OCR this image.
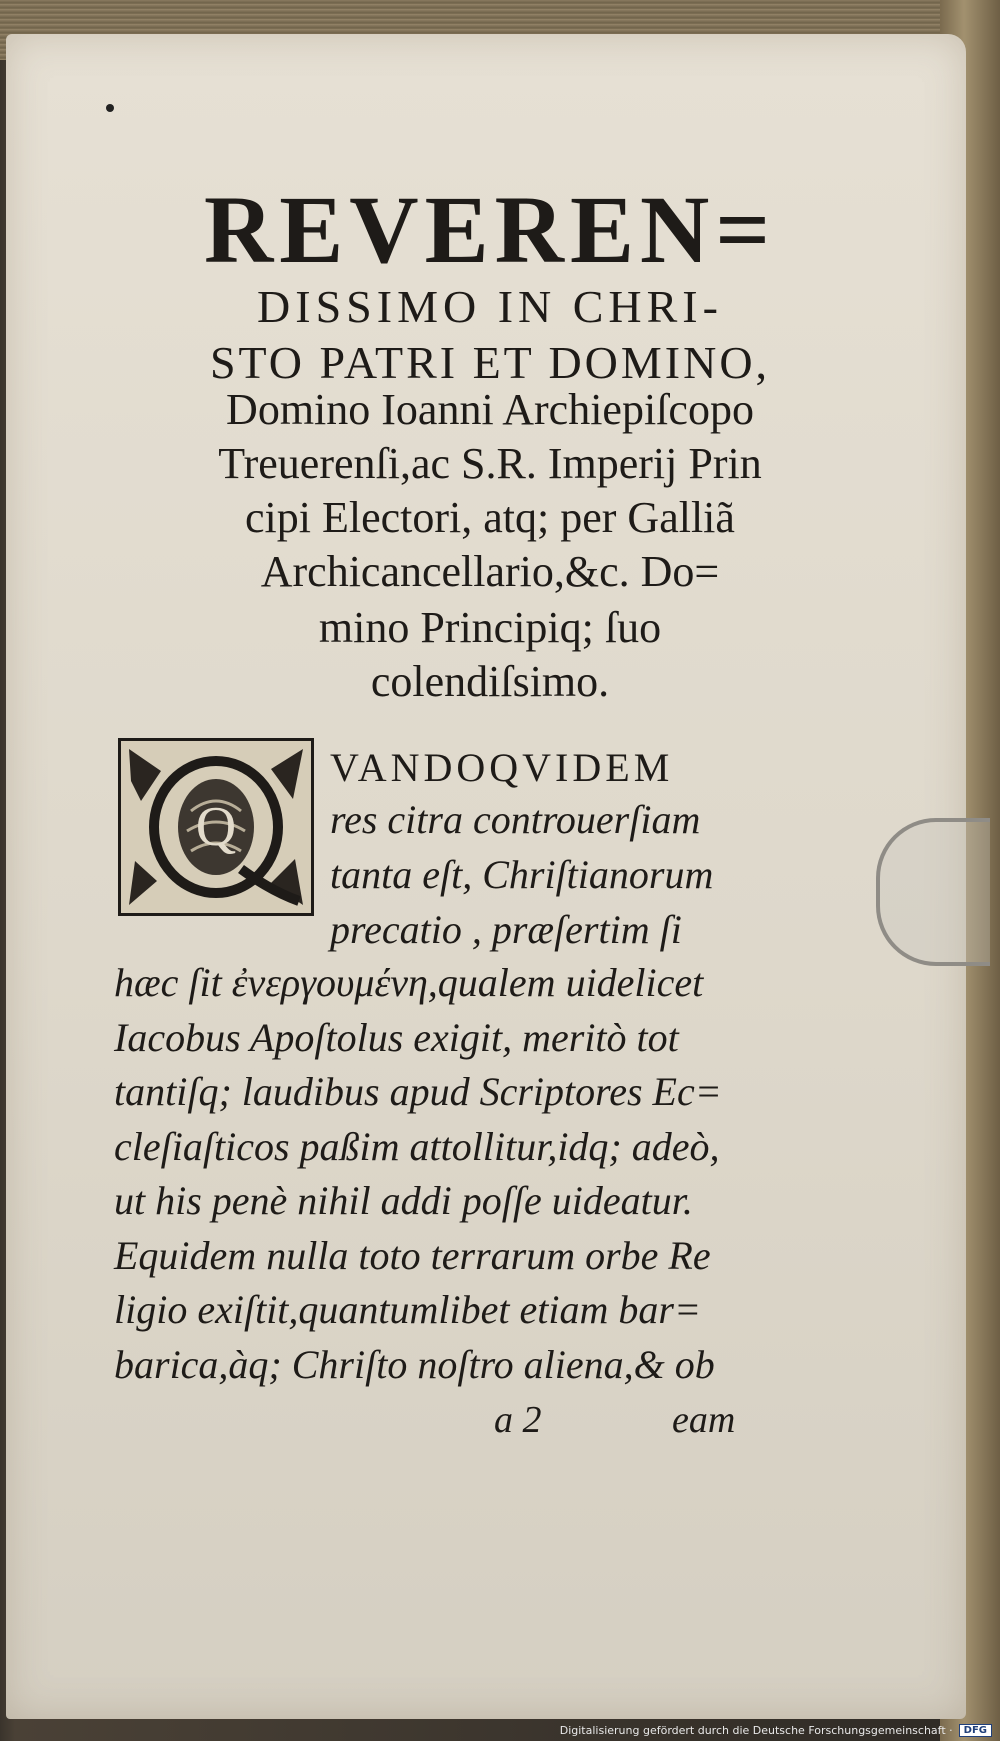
REVEREN=

DISSIMO IN CHRI-

STO PATRI ET DOMINO,

Domino Ioanni Archiepiſcopo

Treuerenſi,ac S.R. Imperij Prin

cipi Electori, atq; per Galliã

Archicancellario,&c. Do=

mino Principiq; ſuo

colendiſsimo.

Q

VANDOQVIDEM

res citra controuerſiam

tanta eſt, Chriſtianorum

precatio , præſertim ſi

hæc ſit ἐνεργουμένη,qualem uidelicet

Iacobus Apoſtolus exigit, meritò tot

tantiſq; laudibus apud Scriptores Ec=

cleſiaſticos paßim attollitur,idq; adeò,

ut his penè nihil addi poſſe uideatur.

Equidem nulla toto terrarum orbe Re

ligio exiſtit,quantumlibet etiam bar=

barica,àq; Chriſto noſtro aliena,& ob

a 2	eam

Digitalisierung gefördert durch die Deutsche Forschungsgemeinschaft ·	DFG
